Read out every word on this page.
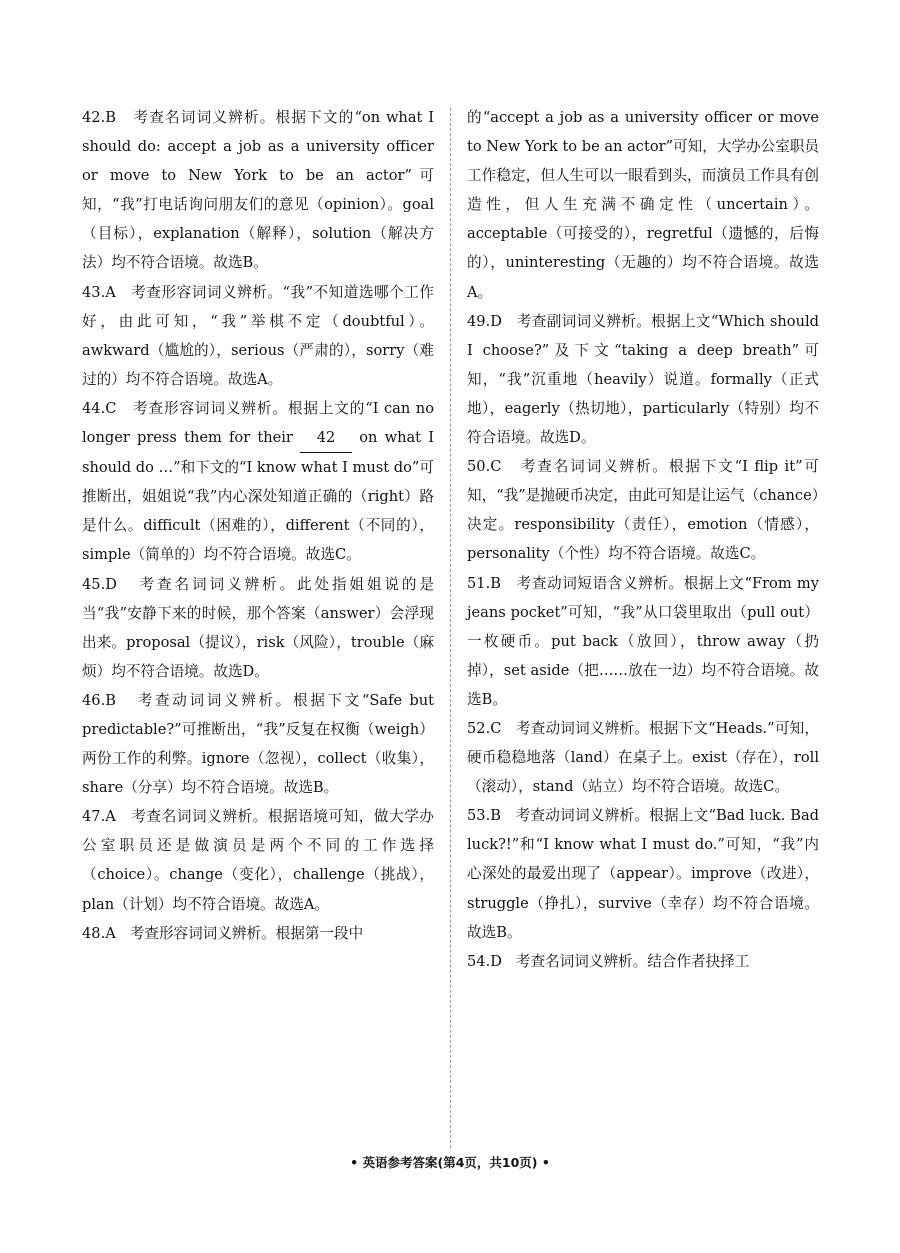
42.B 考查名词词义辨析。根据下文的“on what I should do: accept a job as a university officer or move to New York to be an actor”可知，“我”打电话询问朋友们的意见（opinion）。goal（目标），explanation（解释），solution（解决方法）均不符合语境。故选B。
43.A 考查形容词词义辨析。“我”不知道选哪个工作好，由此可知，“我”举棋不定（doubtful）。awkward（尴尬的），serious（严肃的），sorry（难过的）均不符合语境。故选A。
44.C 考查形容词词义辨析。根据上文的“I can no longer press them for their 42 on what I should do …”和下文的“I know what I must do”可推断出，姐姐说“我”内心深处知道正确的（right）路是什么。difficult（困难的），different（不同的），simple（简单的）均不符合语境。故选C。
45.D 考查名词词义辨析。此处指姐姐说的是当“我”安静下来的时候，那个答案（answer）会浮现出来。proposal（提议），risk（风险），trouble（麻烦）均不符合语境。故选D。
46.B 考查动词词义辨析。根据下文“Safe but predictable?”可推断出，“我”反复在权衡（weigh）两份工作的利弊。ignore（忽视），collect（收集），share（分享）均不符合语境。故选B。
47.A 考查名词词义辨析。根据语境可知，做大学办公室职员还是做演员是两个不同的工作选择（choice）。change（变化），challenge（挑战），plan（计划）均不符合语境。故选A。
48.A 考查形容词词义辨析。根据第一段中
的“accept a job as a university officer or move to New York to be an actor”可知，大学办公室职员工作稳定，但人生可以一眼看到头，而演员工作具有创造性，但人生充满不确定性（uncertain）。acceptable（可接受的），regretful（遗憾的，后悔的），uninteresting（无趣的）均不符合语境。故选A。
49.D 考查副词词义辨析。根据上文“Which should I choose?”及下文“taking a deep breath”可知，“我”沉重地（heavily）说道。formally（正式地），eagerly（热切地），particularly（特别）均不符合语境。故选D。
50.C 考查名词词义辨析。根据下文“I flip it”可知，“我”是抛硬币决定，由此可知是让运气（chance）决定。responsibility（责任），emotion（情感），personality（个性）均不符合语境。故选C。
51.B 考查动词短语含义辨析。根据上文“From my jeans pocket”可知，“我”从口袋里取出（pull out）一枚硬币。put back（放回），throw away（扔掉），set aside（把……放在一边）均不符合语境。故选B。
52.C 考查动词词义辨析。根据下文“Heads.”可知，硬币稳稳地落（land）在桌子上。exist（存在），roll（滚动），stand（站立）均不符合语境。故选C。
53.B 考查动词词义辨析。根据上文“Bad luck. Bad luck?!”和“I know what I must do.”可知，“我”内心深处的最爱出现了（appear）。improve（改进），struggle（挣扎），survive（幸存）均不符合语境。故选B。
54.D 考查名词词义辨析。结合作者抉择工
• 英语参考答案(第4页，共10页) •
